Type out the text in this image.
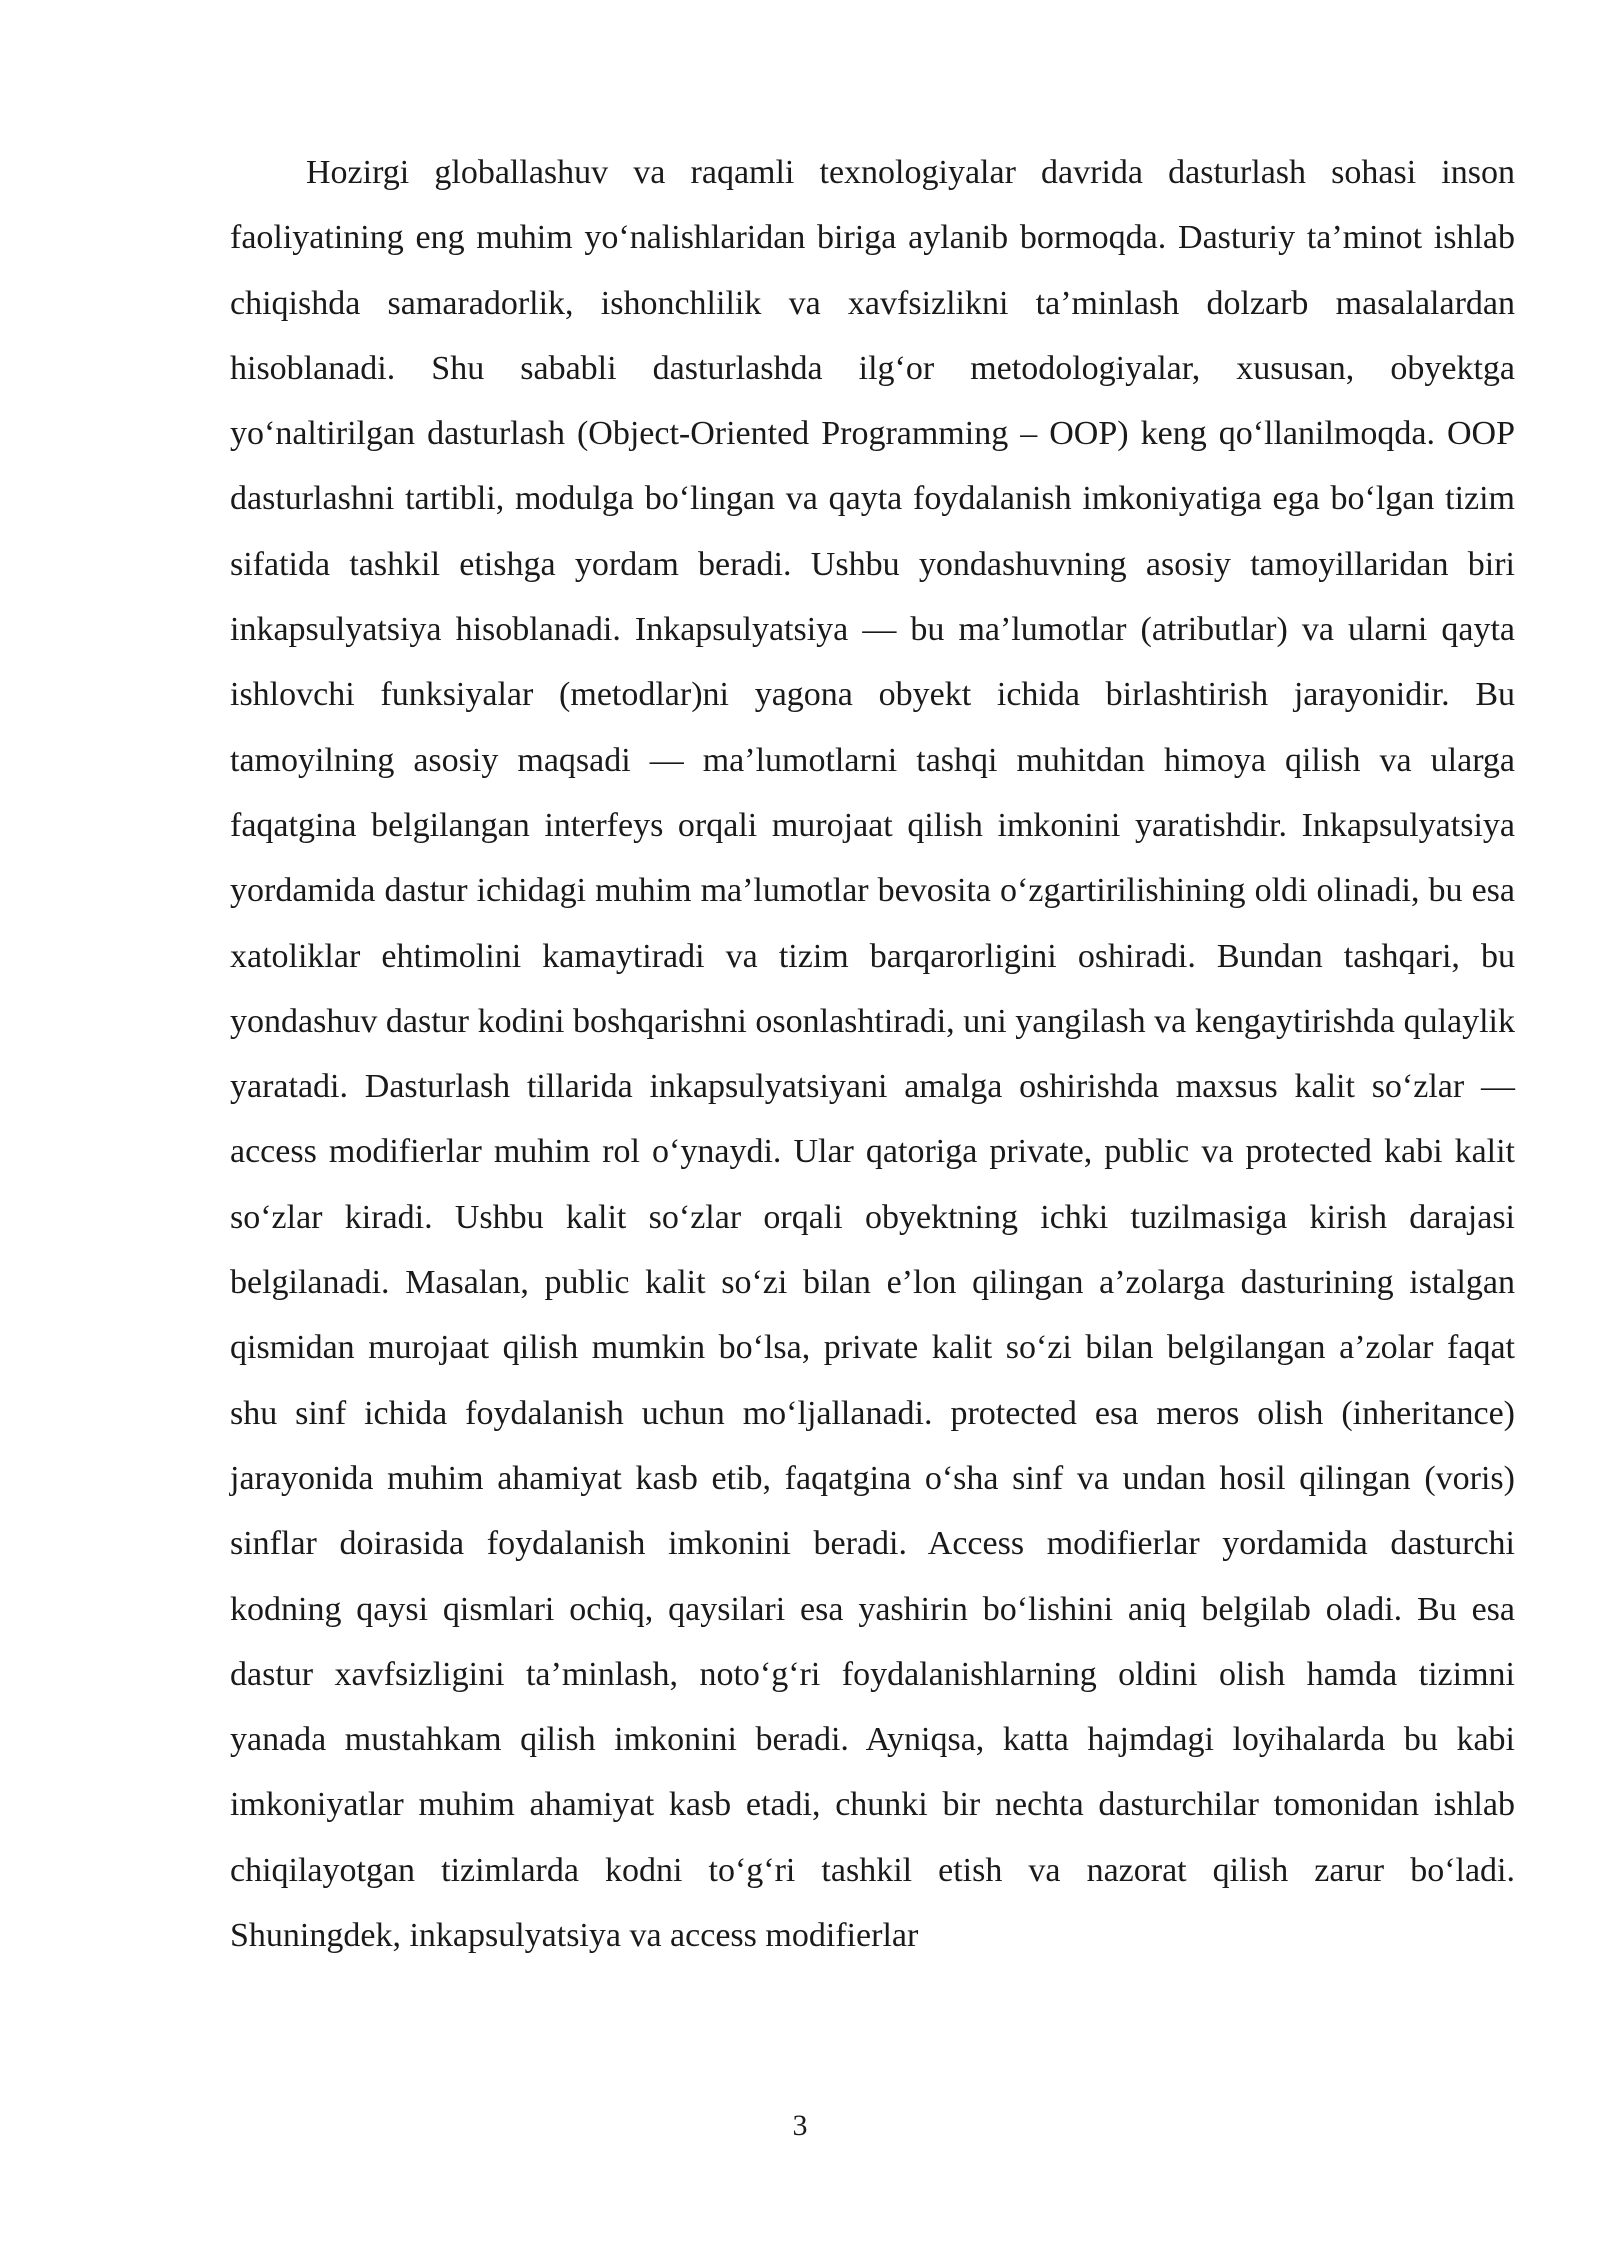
Hozirgi globallashuv va raqamli texnologiyalar davrida dasturlash sohasi inson faoliyatining eng muhim yo‘nalishlaridan biriga aylanib bormoqda. Dasturiy ta’minot ishlab chiqishda samaradorlik, ishonchlilik va xavfsizlikni ta’minlash dolzarb masalalardan hisoblanadi. Shu sababli dasturlashda ilg‘or metodologiyalar, xususan, obyektga yo‘naltirilgan dasturlash (Object-Oriented Programming – OOP) keng qo‘llanilmoqda. OOP dasturlashni tartibli, modulga bo‘lingan va qayta foydalanish imkoniyatiga ega bo‘lgan tizim sifatida tashkil etishga yordam beradi. Ushbu yondashuvning asosiy tamoyillaridan biri inkapsulyatsiya hisoblanadi. Inkapsulyatsiya — bu ma’lumotlar (atributlar) va ularni qayta ishlovchi funksiyalar (metodlar)ni yagona obyekt ichida birlashtirish jarayonidir. Bu tamoyilning asosiy maqsadi — ma’lumotlarni tashqi muhitdan himoya qilish va ularga faqatgina belgilangan interfeys orqali murojaat qilish imkonini yaratishdir. Inkapsulyatsiya yordamida dastur ichidagi muhim ma’lumotlar bevosita o‘zgartirilishining oldi olinadi, bu esa xatoliklar ehtimolini kamaytiradi va tizim barqarorligini oshiradi. Bundan tashqari, bu yondashuv dastur kodini boshqarishni osonlashtiradi, uni yangilash va kengaytirishda qulaylik yaratadi. Dasturlash tillarida inkapsulyatsiyani amalga oshirishda maxsus kalit so‘zlar — access modifierlar muhim rol o‘ynaydi. Ular qatoriga private, public va protected kabi kalit so‘zlar kiradi. Ushbu kalit so‘zlar orqali obyektning ichki tuzilmasiga kirish darajasi belgilanadi. Masalan, public kalit so‘zi bilan e’lon qilingan a’zolarga dasturining istalgan qismidan murojaat qilish mumkin bo‘lsa, private kalit so‘zi bilan belgilangan a’zolar faqat shu sinf ichida foydalanish uchun mo‘ljallanadi. protected esa meros olish (inheritance) jarayonida muhim ahamiyat kasb etib, faqatgina o‘sha sinf va undan hosil qilingan (voris) sinflar doirasida foydalanish imkonini beradi. Access modifierlar yordamida dasturchi kodning qaysi qismlari ochiq, qaysilari esa yashirin bo‘lishini aniq belgilab oladi. Bu esa dastur xavfsizligini ta’minlash, noto‘g‘ri foydalanishlarning oldini olish hamda tizimni yanada mustahkam qilish imkonini beradi. Ayniqsa, katta hajmdagi loyihalarda bu kabi imkoniyatlar muhim ahamiyat kasb etadi, chunki bir nechta dasturchilar tomonidan ishlab chiqilayotgan tizimlarda kodni to‘g‘ri tashkil etish va nazorat qilish zarur bo‘ladi. Shuningdek, inkapsulyatsiya va access modifierlar

3
